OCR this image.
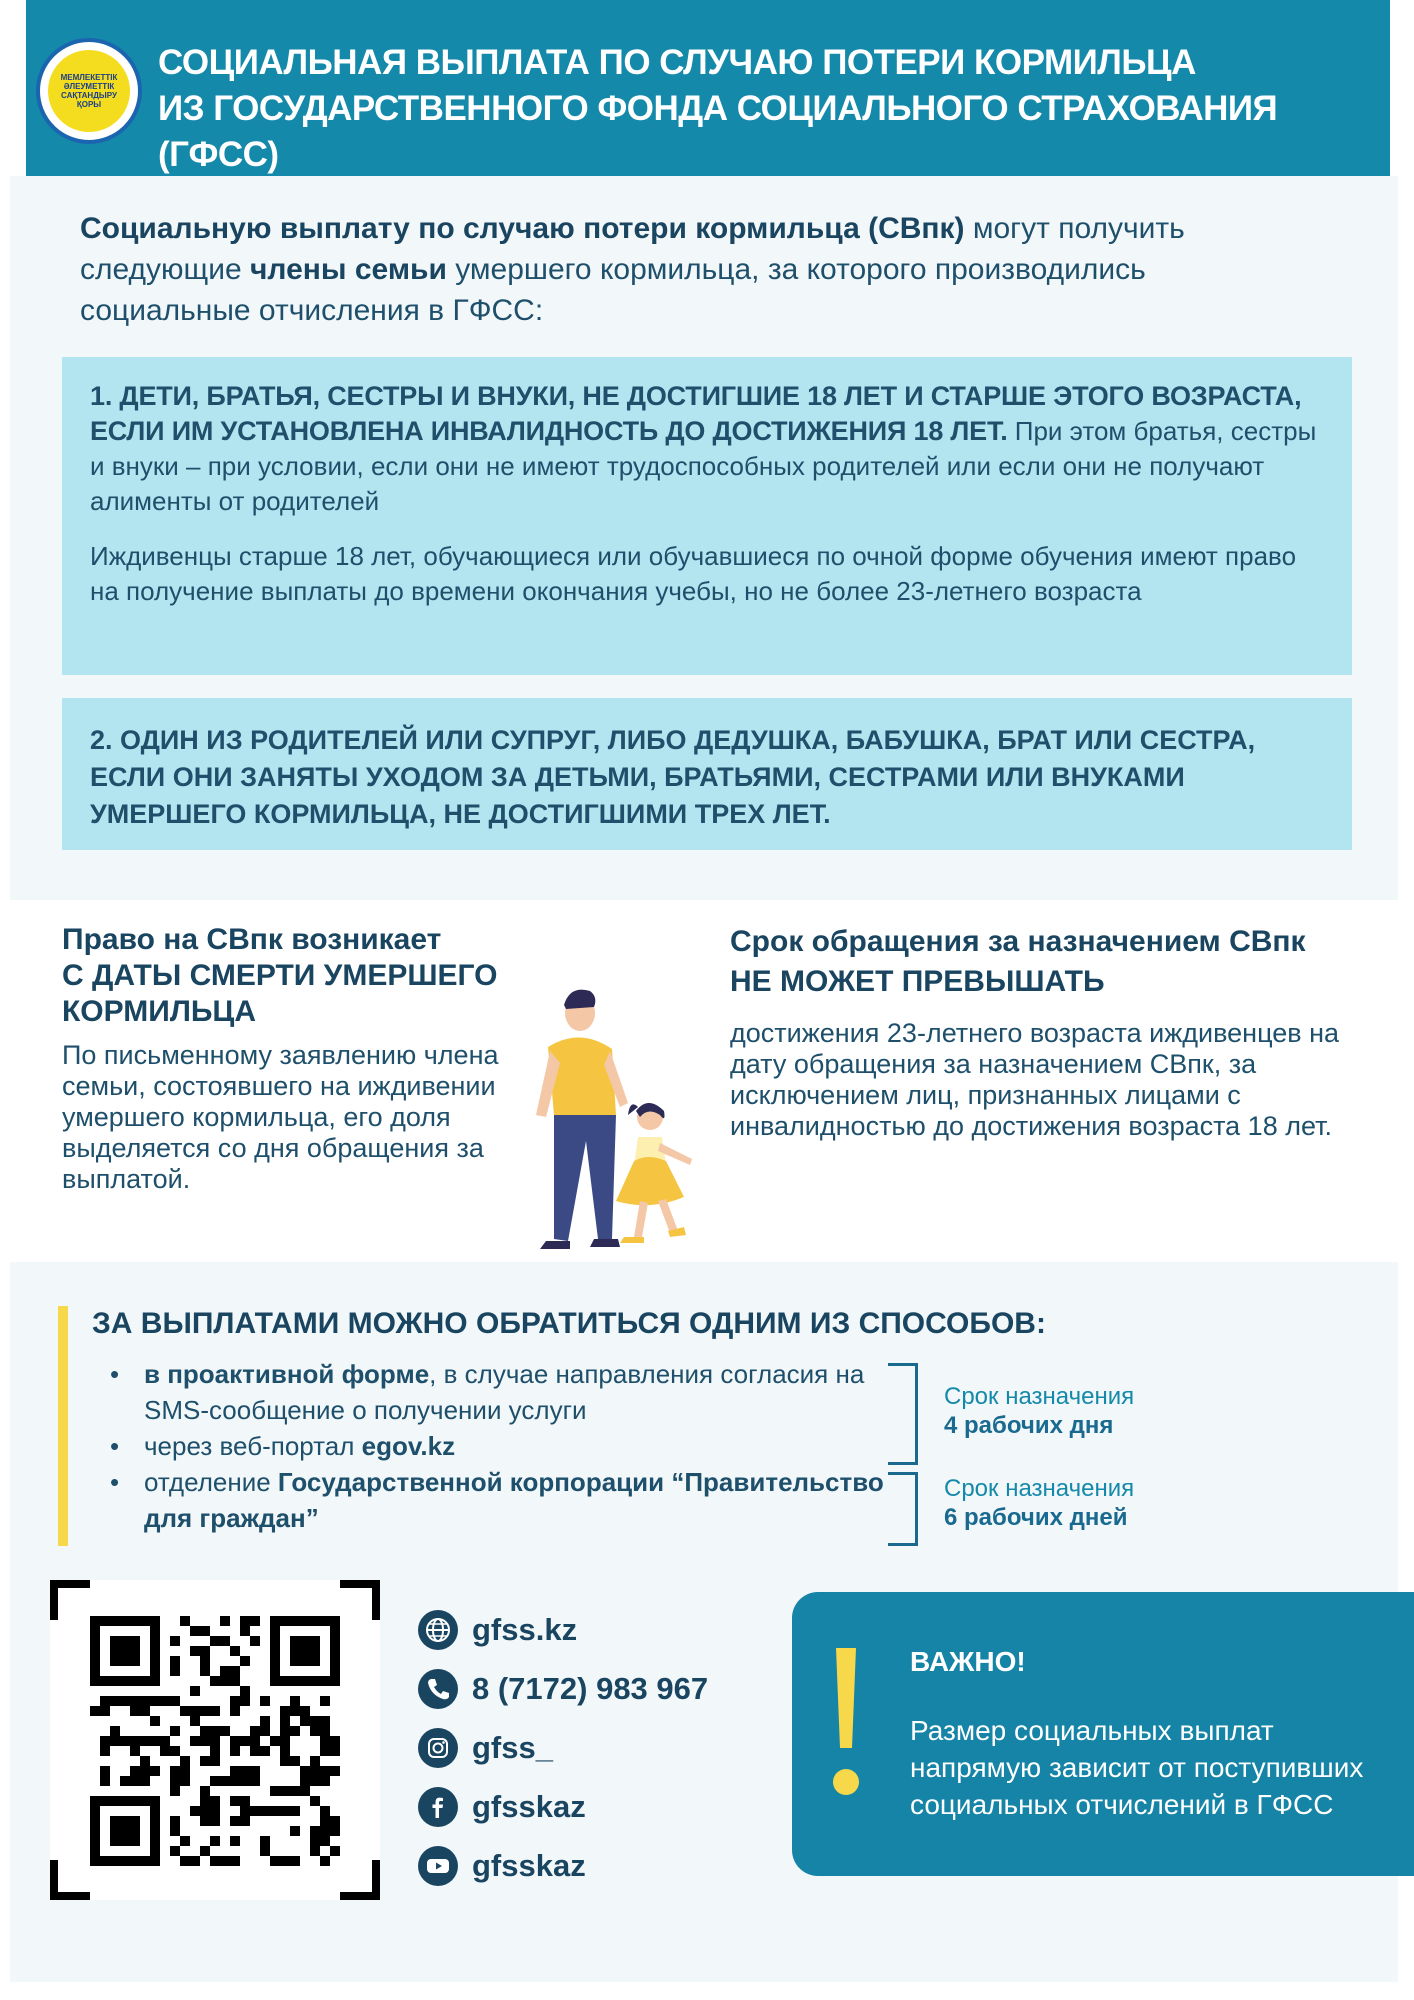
МЕМЛЕКЕТТІК ӘЛЕУМЕТТІК САҚТАНДЫРУ ҚОРЫ
СОЦИАЛЬНАЯ ВЫПЛАТА ПО СЛУЧАЮ ПОТЕРИ КОРМИЛЬЦА
ИЗ ГОСУДАРСТВЕННОГО ФОНДА СОЦИАЛЬНОГО СТРАХОВАНИЯ (ГФСС)

Социальную выплату по случаю потери кормильца (СВпк) могут получить следующие члены семьи умершего кормильца, за которого производились социальные отчисления в ГФСС:

1. ДЕТИ, БРАТЬЯ, СЕСТРЫ И ВНУКИ, НЕ ДОСТИГШИЕ 18 ЛЕТ И СТАРШЕ ЭТОГО ВОЗРАСТА, ЕСЛИ ИМ УСТАНОВЛЕНА ИНВАЛИДНОСТЬ ДО ДОСТИЖЕНИЯ 18 ЛЕТ. При этом братья, сестры и внуки – при условии, если они не имеют трудоспособных родителей или если они не получают алименты от родителей

Иждивенцы старше 18 лет, обучающиеся или обучавшиеся по очной форме обучения имеют право на получение выплаты до времени окончания учебы, но не более 23-летнего возраста

2. ОДИН ИЗ РОДИТЕЛЕЙ ИЛИ СУПРУГ, ЛИБО ДЕДУШКА, БАБУШКА, БРАТ ИЛИ СЕСТРА, ЕСЛИ ОНИ ЗАНЯТЫ УХОДОМ ЗА ДЕТЬМИ, БРАТЬЯМИ, СЕСТРАМИ ИЛИ ВНУКАМИ УМЕРШЕГО КОРМИЛЬЦА, НЕ ДОСТИГШИМИ ТРЕХ ЛЕТ.
Право на СВпк возникает
С ДАТЫ СМЕРТИ УМЕРШЕГО КОРМИЛЬЦА

По письменному заявлению члена семьи, состоявшего на иждивении умершего кормильца, его доля выделяется со дня обращения за выплатой.

Срок обращения за назначением СВпк
НЕ МОЖЕТ ПРЕВЫШАТЬ

достижения 23-летнего возраста иждивенцев на дату обращения за назначением СВпк, за исключением лиц, признанных лицами с инвалидностью до достижения возраста 18 лет.

ЗА ВЫПЛАТАМИ МОЖНО ОБРАТИТЬСЯ ОДНИМ ИЗ СПОСОБОВ:
• в проактивной форме, в случае направления согласия на SMS-сообщение о получении услуги
• через веб-портал egov.kz
• отделение Государственной корпорации “Правительство для граждан”
Срок назначения
4 рабочих дня
Срок назначения
6 рабочих дней
gfss.kz
8 (7172) 983 967
gfss_
gfsskaz
gfsskaz
ВАЖНО!

Размер социальных выплат напрямую зависит от поступивших социальных отчислений в ГФСС
